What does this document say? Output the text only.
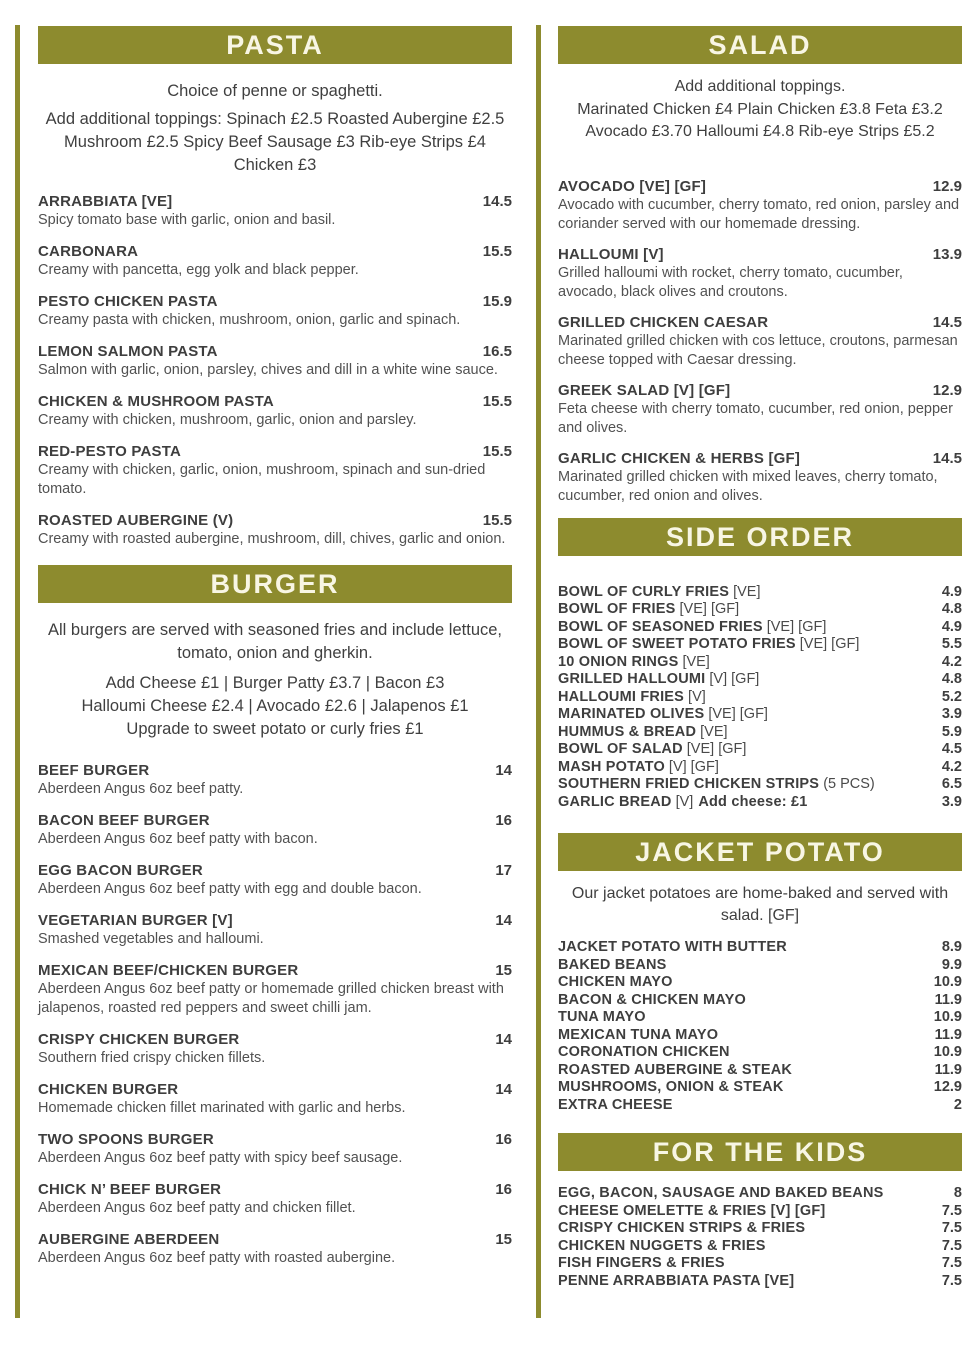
PASTA
Choice of penne or spaghetti.
Add additional toppings: Spinach £2.5 Roasted Aubergine £2.5
Mushroom £2.5 Spicy Beef Sausage £3 Rib-eye Strips £4
Chicken £3
ARRABBIATA [VE]	14.5
Spicy tomato base with garlic, onion and basil.
CARBONARA	15.5
Creamy with pancetta, egg yolk and black pepper.
PESTO CHICKEN PASTA	15.9
Creamy pasta with chicken, mushroom, onion, garlic and spinach.
LEMON SALMON PASTA	16.5
Salmon with garlic, onion, parsley, chives and dill in a white wine sauce.
CHICKEN & MUSHROOM PASTA	15.5
Creamy with chicken, mushroom, garlic, onion and parsley.
RED-PESTO PASTA	15.5
Creamy with chicken, garlic, onion, mushroom, spinach and sun-dried tomato.
ROASTED AUBERGINE (V)	15.5
Creamy with roasted aubergine, mushroom, dill, chives, garlic and onion.
BURGER
All burgers are served with seasoned fries and include lettuce,
tomato, onion and gherkin.
Add Cheese £1 | Burger Patty £3.7 | Bacon £3
Halloumi Cheese £2.4 | Avocado £2.6 | Jalapenos £1
Upgrade to sweet potato or curly fries £1
BEEF BURGER	14
Aberdeen Angus 6oz beef patty.
BACON BEEF BURGER	16
Aberdeen Angus 6oz beef patty with bacon.
EGG BACON BURGER	17
Aberdeen Angus 6oz beef patty with egg and double bacon.
VEGETARIAN BURGER [V]	14
Smashed vegetables and halloumi.
MEXICAN BEEF/CHICKEN BURGER	15
Aberdeen Angus 6oz beef patty or homemade grilled chicken breast with jalapenos, roasted red peppers and sweet chilli jam.
CRISPY CHICKEN BURGER	14
Southern fried crispy chicken fillets.
CHICKEN BURGER	14
Homemade chicken fillet marinated with garlic and herbs.
TWO SPOONS BURGER	16
Aberdeen Angus 6oz beef patty with spicy beef sausage.
CHICK N’ BEEF BURGER	16
Aberdeen Angus 6oz beef patty and chicken fillet.
AUBERGINE ABERDEEN	15
Aberdeen Angus 6oz beef patty with roasted aubergine.
SALAD
Add additional toppings.
Marinated Chicken £4 Plain Chicken £3.8 Feta £3.2
Avocado £3.70 Halloumi £4.8 Rib-eye Strips £5.2
AVOCADO [VE] [GF]	12.9
Avocado with cucumber, cherry tomato, red onion, parsley and coriander served with our homemade dressing.
HALLOUMI [V]	13.9
Grilled halloumi with rocket, cherry tomato, cucumber, avocado, black olives and croutons.
GRILLED CHICKEN CAESAR	14.5
Marinated grilled chicken with cos lettuce, croutons, parmesan cheese topped with Caesar dressing.
GREEK SALAD [V] [GF]	12.9
Feta cheese with cherry tomato, cucumber, red onion, pepper and olives.
GARLIC CHICKEN & HERBS [GF]	14.5
Marinated grilled chicken with mixed leaves, cherry tomato, cucumber, red onion and olives.
SIDE ORDER
BOWL OF CURLY FRIES [VE]	4.9
BOWL OF FRIES [VE] [GF]	4.8
BOWL OF SEASONED FRIES [VE] [GF]	4.9
BOWL OF SWEET POTATO FRIES [VE] [GF]	5.5
10 ONION RINGS [VE]	4.2
GRILLED HALLOUMI [V] [GF]	4.8
HALLOUMI FRIES [V]	5.2
MARINATED OLIVES [VE] [GF]	3.9
HUMMUS & BREAD [VE]	5.9
BOWL OF SALAD [VE] [GF]	4.5
MASH POTATO [V] [GF]	4.2
SOUTHERN FRIED CHICKEN STRIPS (5 PCS)	6.5
GARLIC BREAD [V] Add cheese: £1	3.9
JACKET POTATO
Our jacket potatoes are home-baked and served with
salad. [GF]
JACKET POTATO WITH BUTTER	8.9
BAKED BEANS	9.9
CHICKEN MAYO	10.9
BACON & CHICKEN MAYO	11.9
TUNA MAYO	10.9
MEXICAN TUNA MAYO	11.9
CORONATION CHICKEN	10.9
ROASTED AUBERGINE & STEAK	11.9
MUSHROOMS, ONION & STEAK	12.9
EXTRA CHEESE	2
FOR THE KIDS
EGG, BACON, SAUSAGE AND BAKED BEANS	8
CHEESE OMELETTE & FRIES [V] [GF]	7.5
CRISPY CHICKEN STRIPS & FRIES	7.5
CHICKEN NUGGETS & FRIES	7.5
FISH FINGERS & FRIES	7.5
PENNE ARRABBIATA PASTA [VE]	7.5
